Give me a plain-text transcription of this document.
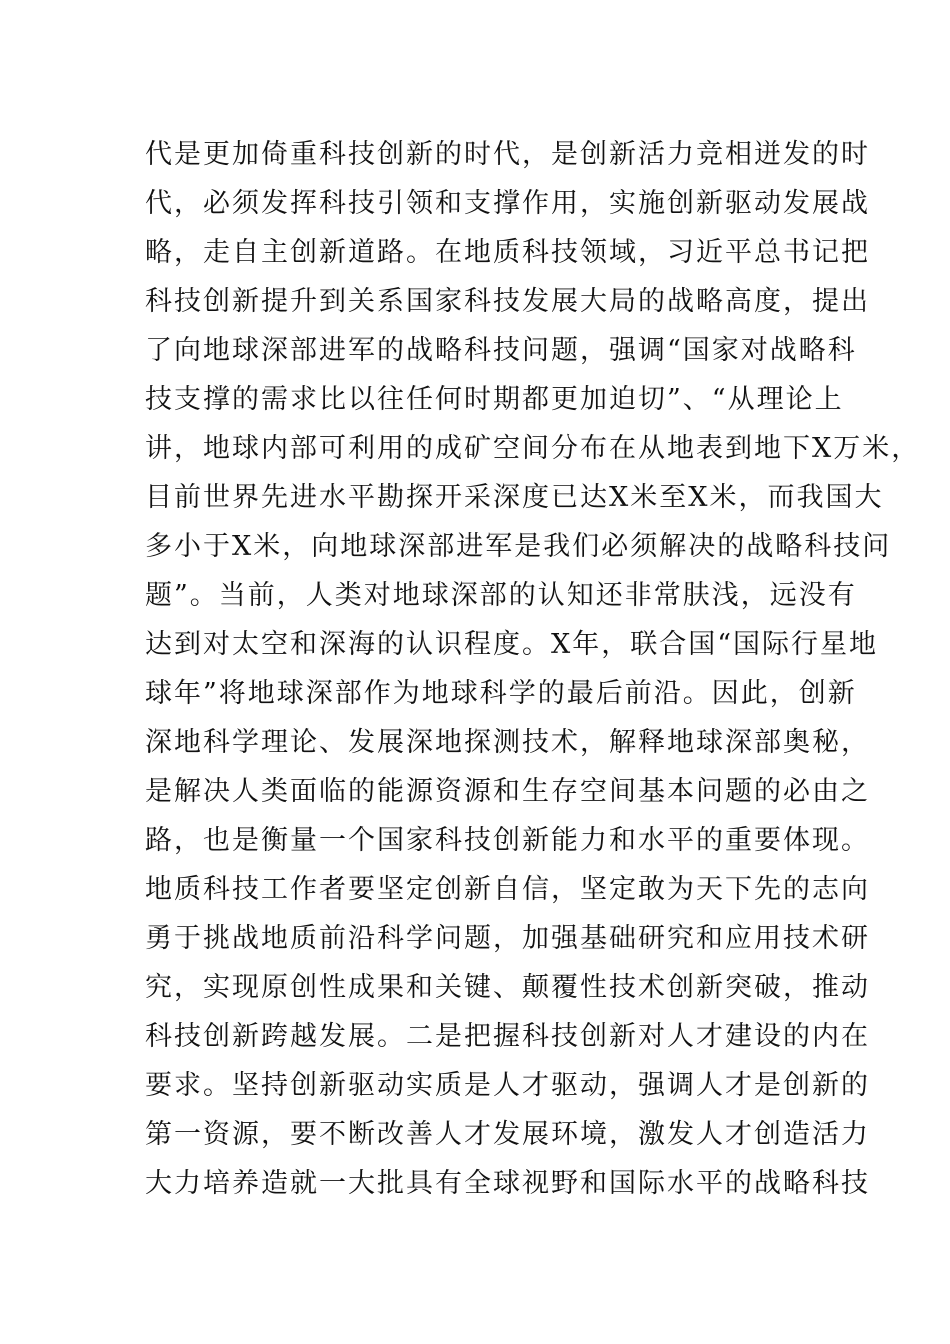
代是更加倚重科技创新的时代，是创新活力竞相迸发的时
代，必须发挥科技引领和支撑作用，实施创新驱动发展战
略，走自主创新道路。在地质科技领域，习近平总书记把
科技创新提升到关系国家科技发展大局的战略高度，提出
了向地球深部进军的战略科技问题，强调“国家对战略科
技支撑的需求比以往任何时期都更加迫切”、“从理论上
讲，地球内部可利用的成矿空间分布在从地表到地下X万米，
目前世界先进水平勘探开采深度已达X米至X米，而我国大
多小于X米，向地球深部进军是我们必须解决的战略科技问
题”。当前，人类对地球深部的认知还非常肤浅，远没有
达到对太空和深海的认识程度。X年，联合国“国际行星地
球年”将地球深部作为地球科学的最后前沿。因此，创新
深地科学理论、发展深地探测技术，解释地球深部奥秘，
是解决人类面临的能源资源和生存空间基本问题的必由之
路，也是衡量一个国家科技创新能力和水平的重要体现。
地质科技工作者要坚定创新自信，坚定敢为天下先的志向
勇于挑战地质前沿科学问题，加强基础研究和应用技术研
究，实现原创性成果和关键、颠覆性技术创新突破，推动
科技创新跨越发展。二是把握科技创新对人才建设的内在
要求。坚持创新驱动实质是人才驱动，强调人才是创新的
第一资源，要不断改善人才发展环境，激发人才创造活力
大力培养造就一大批具有全球视野和国际水平的战略科技
